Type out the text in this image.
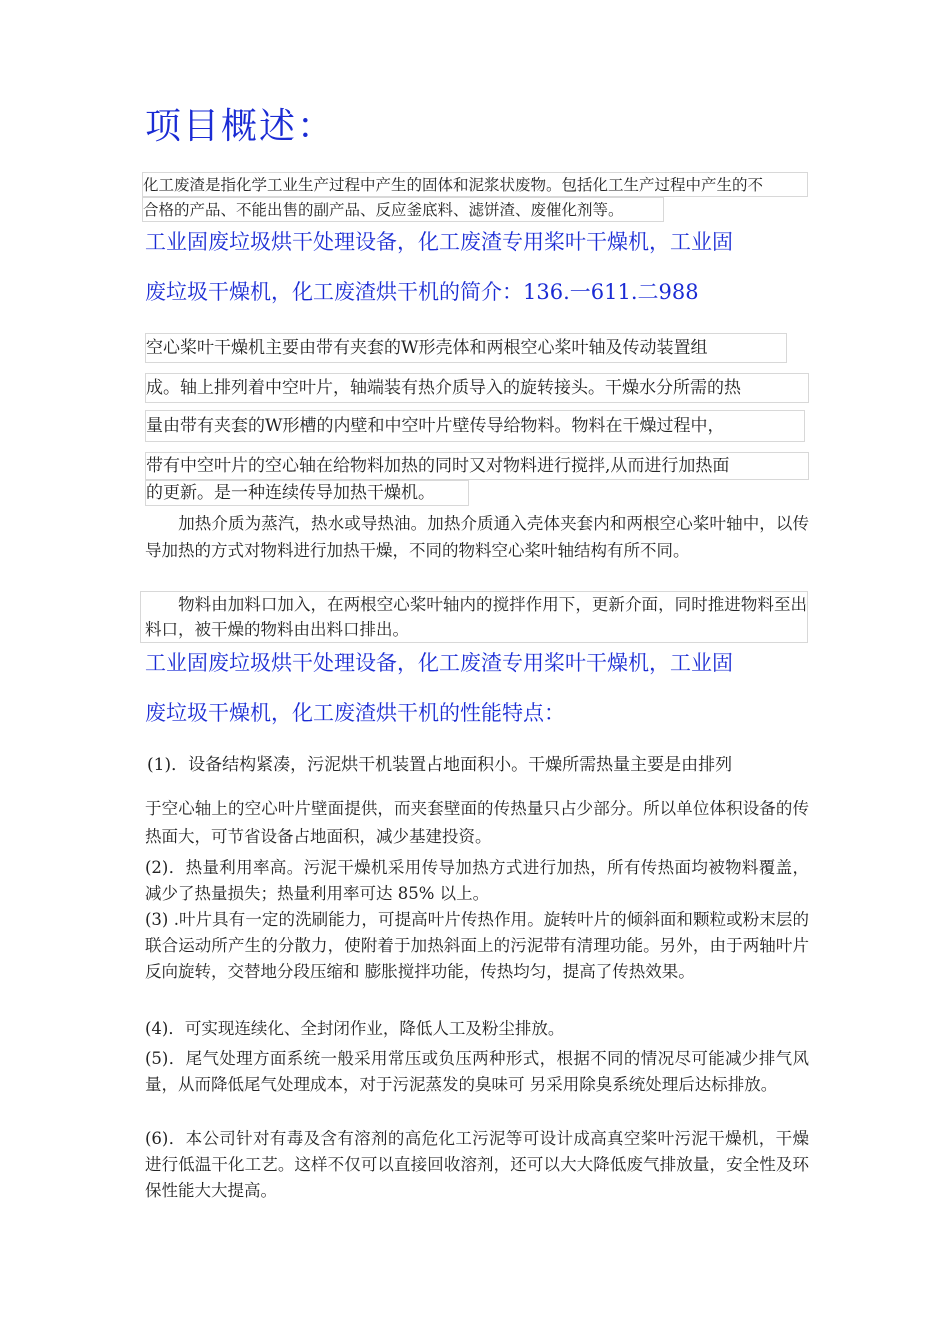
项目概述：
化工废渣是指化学工业生产过程中产生的固体和泥浆状废物。包括化工生产过程中产生的不
合格的产品、不能出售的副产品、反应釜底料、滤饼渣、废催化剂等。
工业固废垃圾烘干处理设备，化工废渣专用桨叶干燥机，工业固
废垃圾干燥机，化工废渣烘干机的简介：136.一611.二988
空心桨叶干燥机主要由带有夹套的W形壳体和两根空心桨叶轴及传动装置组
成。轴上排列着中空叶片，轴端装有热介质导入的旋转接头。干燥水分所需的热
量由带有夹套的W形槽的内壁和中空叶片壁传导给物料。物料在干燥过程中，
带有中空叶片的空心轴在给物料加热的同时又对物料进行搅拌,从而进行加热面
的更新。是一种连续传导加热干燥机。
　　加热介质为蒸汽，热水或导热油。加热介质通入壳体夹套内和两根空心桨叶轴中，以传导加热的方式对物料进行加热干燥，不同的物料空心桨叶轴结构有所不同。
　　物料由加料口加入，在两根空心桨叶轴内的搅拌作用下，更新介面，同时推进物料至出料口，被干燥的物料由出料口排出。
工业固废垃圾烘干处理设备，化工废渣专用桨叶干燥机，工业固
废垃圾干燥机，化工废渣烘干机的性能特点：
(1)．设备结构紧凑，污泥烘干机装置占地面积小。干燥所需热量主要是由排列
于空心轴上的空心叶片壁面提供，而夹套壁面的传热量只占少部分。所以单位体积设备的传热面大，可节省设备占地面积，减少基建投资。
(2)．热量利用率高。污泥干燥机采用传导加热方式进行加热，所有传热面均被物料覆盖，减少了热量损失；热量利用率可达 85% 以上。
(3) .叶片具有一定的洗刷能力，可提高叶片传热作用。旋转叶片的倾斜面和颗粒或粉末层的联合运动所产生的分散力，使附着于加热斜面上的污泥带有清理功能。另外，由于两轴叶片反向旋转，交替地分段压缩和 膨胀搅拌功能，传热均匀，提高了传热效果。
(4)．可实现连续化、全封闭作业，降低人工及粉尘排放。
(5)．尾气处理方面系统一般采用常压或负压两种形式，根据不同的情况尽可能减少排气风量，从而降低尾气处理成本，对于污泥蒸发的臭味可 另采用除臭系统处理后达标排放。
(6)．本公司针对有毒及含有溶剂的高危化工污泥等可设计成高真空桨叶污泥干燥机，干燥进行低温干化工艺。这样不仅可以直接回收溶剂，还可以大大降低废气排放量，安全性及环保性能大大提高。
